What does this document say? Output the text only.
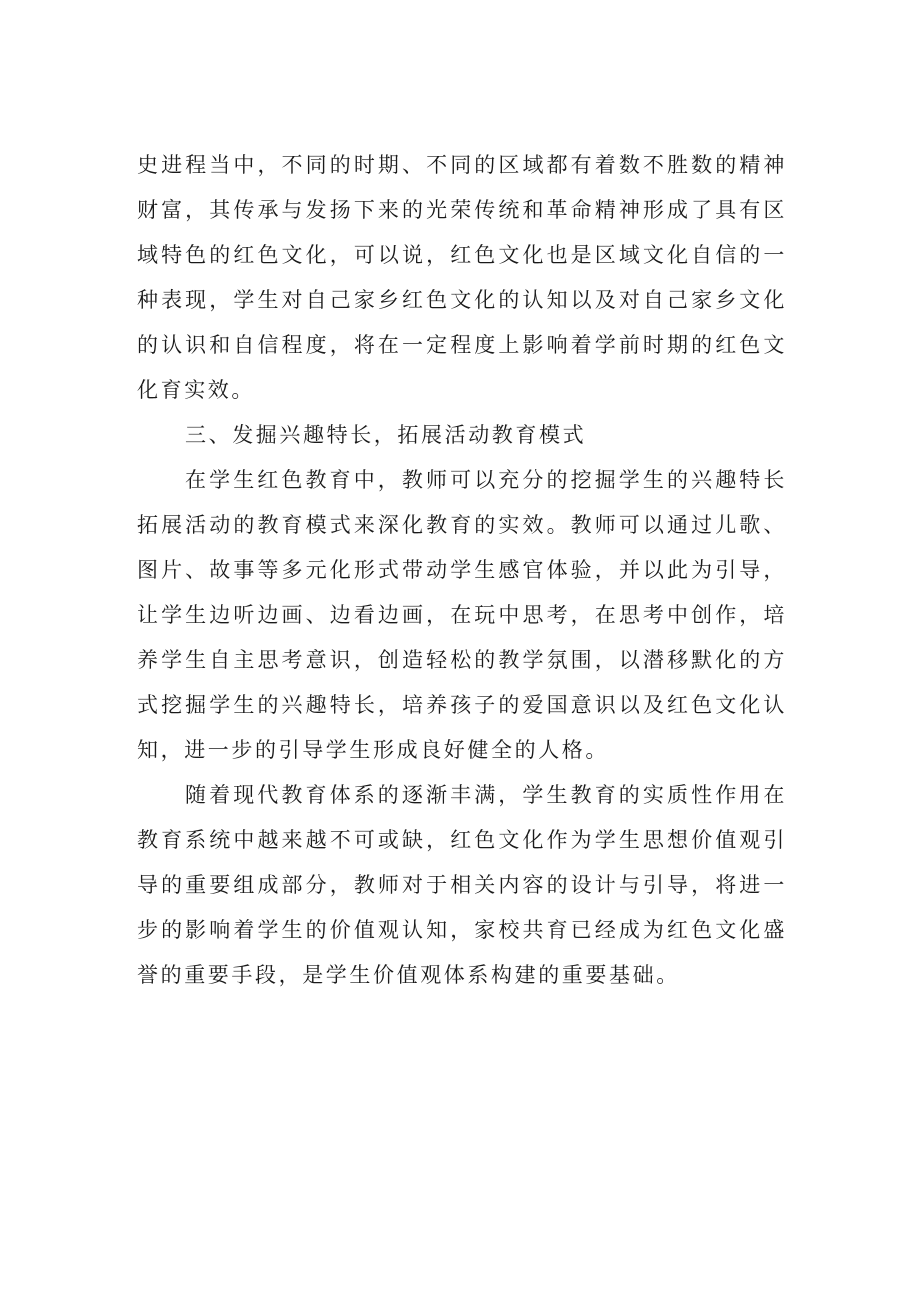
史进程当中，不同的时期、不同的区域都有着数不胜数的精神财富，其传承与发扬下来的光荣传统和革命精神形成了具有区域特色的红色文化，可以说，红色文化也是区域文化自信的一种表现，学生对自己家乡红色文化的认知以及对自己家乡文化的认识和自信程度，将在一定程度上影响着学前时期的红色文化育实效。

三、发掘兴趣特长，拓展活动教育模式

在学生红色教育中，教师可以充分的挖掘学生的兴趣特长拓展活动的教育模式来深化教育的实效。教师可以通过儿歌、图片、故事等多元化形式带动学生感官体验，并以此为引导，让学生边听边画、边看边画，在玩中思考，在思考中创作，培养学生自主思考意识，创造轻松的教学氛围，以潜移默化的方式挖掘学生的兴趣特长，培养孩子的爱国意识以及红色文化认知，进一步的引导学生形成良好健全的人格。

随着现代教育体系的逐渐丰满，学生教育的实质性作用在教育系统中越来越不可或缺，红色文化作为学生思想价值观引导的重要组成部分，教师对于相关内容的设计与引导，将进一步的影响着学生的价值观认知，家校共育已经成为红色文化盛誉的重要手段，是学生价值观体系构建的重要基础。
